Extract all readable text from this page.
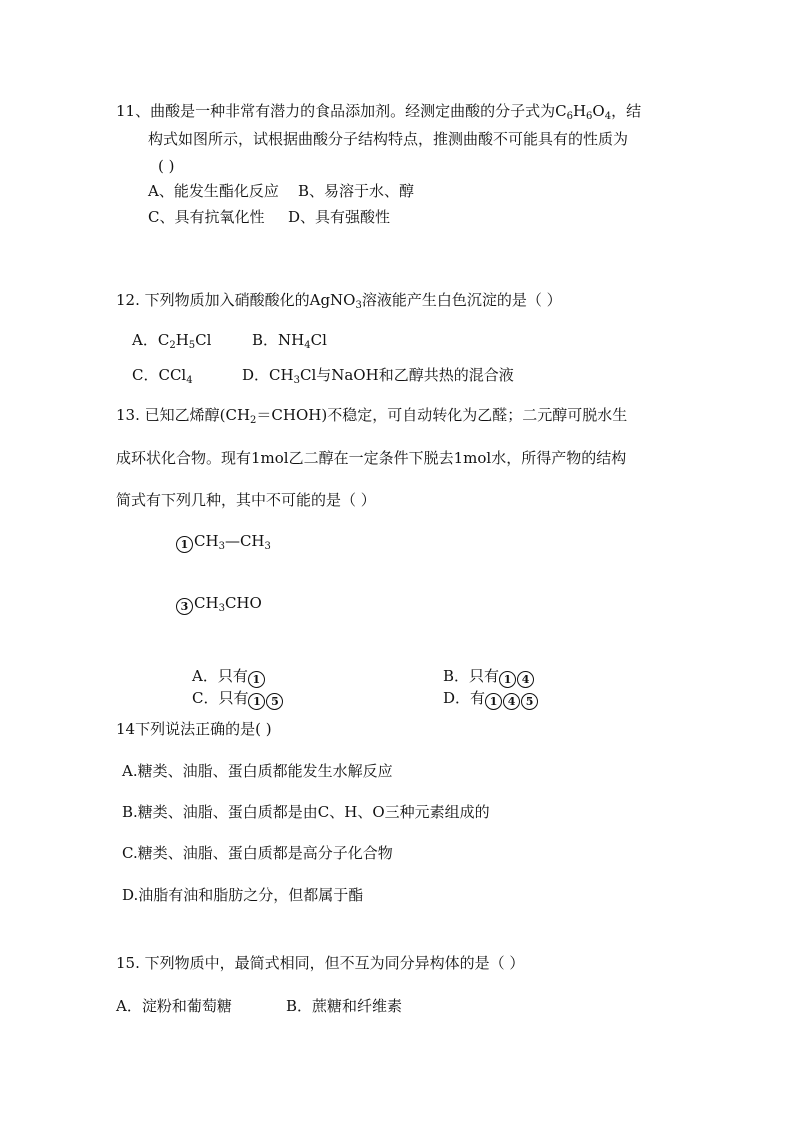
11、曲酸是一种非常有潜力的食品添加剂。经测定曲酸的分子式为$C_6H_6O_4$，结
构式如图所示，试根据曲酸分子结构特点，推测曲酸不可能具有的性质为
( )
A、能发生酯化反应 B、易溶于水、醇
C、具有抗氧化性 D、具有强酸性
12. 下列物质加入硝酸酸化的AgNO$_3$溶液能产生白色沉淀的是（ ）
A．$C_2H_5Cl$	B．$NH_4Cl$
C．CCl$_4$	D．$CH_3Cl$与NaOH和乙醇共热的混合液
13. 已知乙烯醇$(CH_2=CHOH)$不稳定，可自动转化为乙醛；二元醇可脱水生
成环状化合物。现有1mol乙二醇在一定条件下脱去1mol水，所得产物的结构
简式有下列几种，其中不可能的是（ ）
1 $CH_3—CH_3$
3 $CH_3CHO$
A．只有 1	B．只有 1 4
C．只有 1 5	D．有 1 4 5
14下列说法正确的是( )
A.糖类、油脂、蛋白质都能发生水解反应
B.糖类、油脂、蛋白质都是由C、H、O三种元素组成的
C.糖类、油脂、蛋白质都是高分子化合物
D.油脂有油和脂肪之分，但都属于酯
15. 下列物质中，最简式相同，但不互为同分异构体的是（ ）
A．淀粉和葡萄糖	B．蔗糖和纤维素
